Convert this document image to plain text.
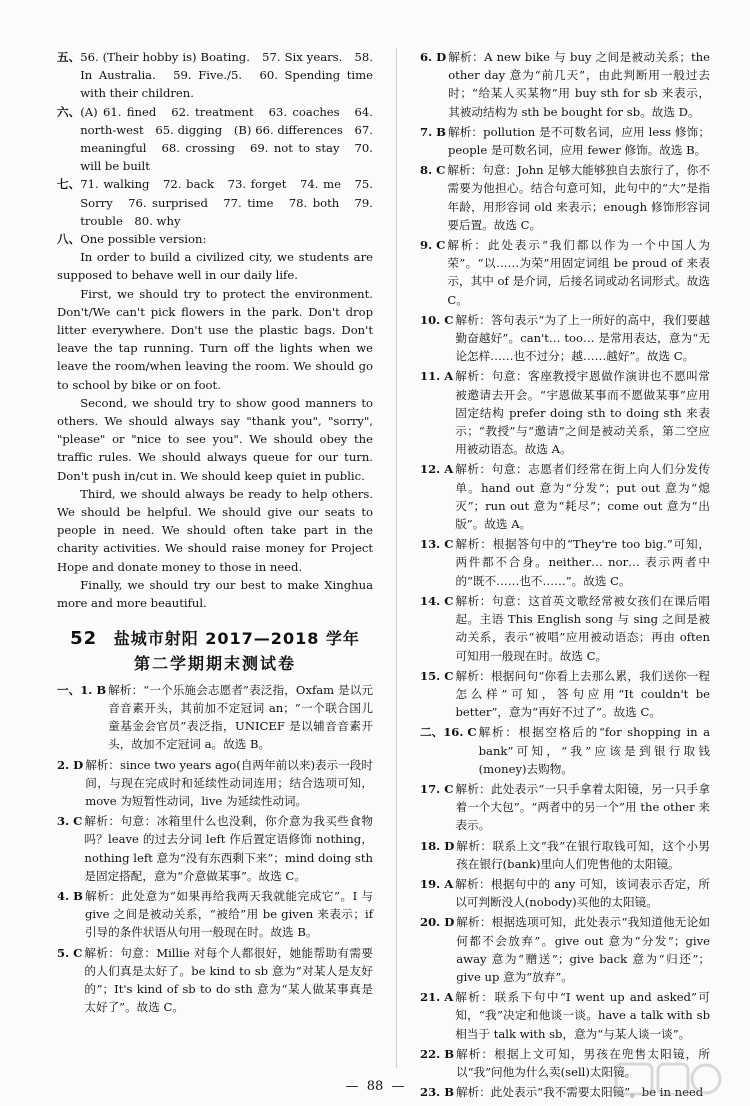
五、 56. (Their hobby is) Boating.　57. Six years.　58. In Australia.　59. Five./5.　60. Spending time with their children.
六、 (A) 61. fined　62. treatment　63. coaches　64. north-west　65. digging　(B) 66. differences　67. meaningful　68. crossing　69. not to stay　70. will be built
七、 71. walking　72. back　73. forget　74. me　75. Sorry　76. surprised　77. time　78. both　79. trouble　80. why
八、 One possible version:

In order to build a civilized city, we students are supposed to behave well in our daily life.

First, we should try to protect the environment. Don't/We can't pick flowers in the park. Don't drop litter everywhere. Don't use the plastic bags. Don't leave the tap running. Turn off the lights when we leave the room/when leaving the room. We should go to school by bike or on foot.

Second, we should try to show good manners to others. We should always say "thank you", "sorry", "please" or "nice to see you". We should obey the traffic rules. We should always queue for our turn. Don't push in/cut in. We should keep quiet in public.

Third, we should always be ready to help others. We should be helpful. We should give our seats to people in need. We should often take part in the charity activities. We should raise money for Project Hope and donate money to those in need.

Finally, we should try our best to make Xinghua more and more beautiful.

52 盐城市射阳 2017—2018 学年
第二学期期末测试卷
一、1. B 解析：“一个乐施会志愿者”表泛指，Oxfam 是以元音音素开头，其前加不定冠词 an；“一个联合国儿童基金会官员”表泛指，UNICEF 是以辅音音素开头，故加不定冠词 a。故选 B。
2. D 解析：since two years ago(自两年前以来)表示一段时间，与现在完成时和延续性动词连用；结合选项可知，move 为短暂性动词，live 为延续性动词。
3. C 解析：句意：冰箱里什么也没剩，你介意为我买些食物吗？leave 的过去分词 left 作后置定语修饰 nothing，nothing left 意为“没有东西剩下来”；mind doing sth 是固定搭配，意为“介意做某事”。故选 C。
4. B 解析：此处意为“如果再给我两天我就能完成它”。I 与 give 之间是被动关系，“被给”用 be given 来表示；if 引导的条件状语从句用一般现在时。故选 B。
5. C 解析：句意：Millie 对每个人都很好，她能帮助有需要的人们真是太好了。be kind to sb 意为“对某人是友好的”；It's kind of sb to do sth 意为“某人做某事真是太好了”。故选 C。
6. D 解析：A new bike 与 buy 之间是被动关系；the other day 意为“前几天”，由此判断用一般过去时；“给某人买某物”用 buy sth for sb 来表示，其被动结构为 sth be bought for sb。故选 D。
7. B 解析：pollution 是不可数名词，应用 less 修饰；people 是可数名词，应用 fewer 修饰。故选 B。
8. C 解析：句意：John 足够大能够独自去旅行了，你不需要为他担心。结合句意可知，此句中的“大”是指年龄，用形容词 old 来表示；enough 修饰形容词要后置。故选 C。
9. C 解析：此处表示“我们都以作为一个中国人为荣”。“以……为荣”用固定词组 be proud of 来表示，其中 of 是介词，后接名词或动名词形式。故选 C。
10. C 解析：答句表示“为了上一所好的高中，我们要越勤奋越好”。can't… too… 是常用表达，意为“无论怎样……也不过分；越……越好”。故选 C。
11. A 解析：句意：客座教授宇恩做作演讲也不愿叫常被邀请去开会。“宇恩做某事而不愿做某事”应用固定结构 prefer doing sth to doing sth 来表示；“教授”与“邀请”之间是被动关系，第二空应用被动语态。故选 A。
12. A 解析：句意：志愿者们经常在街上向人们分发传单。hand out 意为“分发”；put out 意为“熄灭”；run out 意为“耗尽”；come out 意为“出版”。故选 A。
13. C 解析：根据答句中的“They're too big.”可知，两件都不合身。neither… nor… 表示两者中的“既不……也不……”。故选 C。
14. C 解析：句意：这首英文歌经常被女孩们在课后唱起。主语 This English song 与 sing 之间是被动关系，表示“被唱”应用被动语态；再由 often 可知用一般现在时。故选 C。
15. C 解析：根据问句“你看上去那么累，我们送你一程怎么样”可知，答句应用“It couldn't be better”，意为“再好不过了”。故选 C。
二、16. C 解析：根据空格后的“for shopping in a bank”可知，“我”应该是到银行取钱(money)去购物。
17. C 解析：此处表示“一只手拿着太阳镜，另一只手拿着一个大包”。“两者中的另一个”用 the other 来表示。
18. D 解析：联系上文“我”在银行取钱可知，这个小男孩在银行(bank)里向人们兜售他的太阳镜。
19. A 解析：根据句中的 any 可知，该词表示否定，所以可判断没人(nobody)买他的太阳镜。
20. D 解析：根据选项可知，此处表示“我知道他无论如何都不会放弃”。give out 意为“分发”；give away 意为“赠送”；give back 意为“归还”；give up 意为“放弃”。
21. A 解析：联系下句中“I went up and asked”可知，“我”决定和他谈一谈。have a talk with sb 相当于 talk with sb，意为“与某人谈一谈”。
22. B 解析：根据上文可知，男孩在兜售太阳镜，所以“我”问他为什么卖(sell)太阳镜。
23. B 解析：此处表示“我不需要太阳镜”。be in need
—  88  —
